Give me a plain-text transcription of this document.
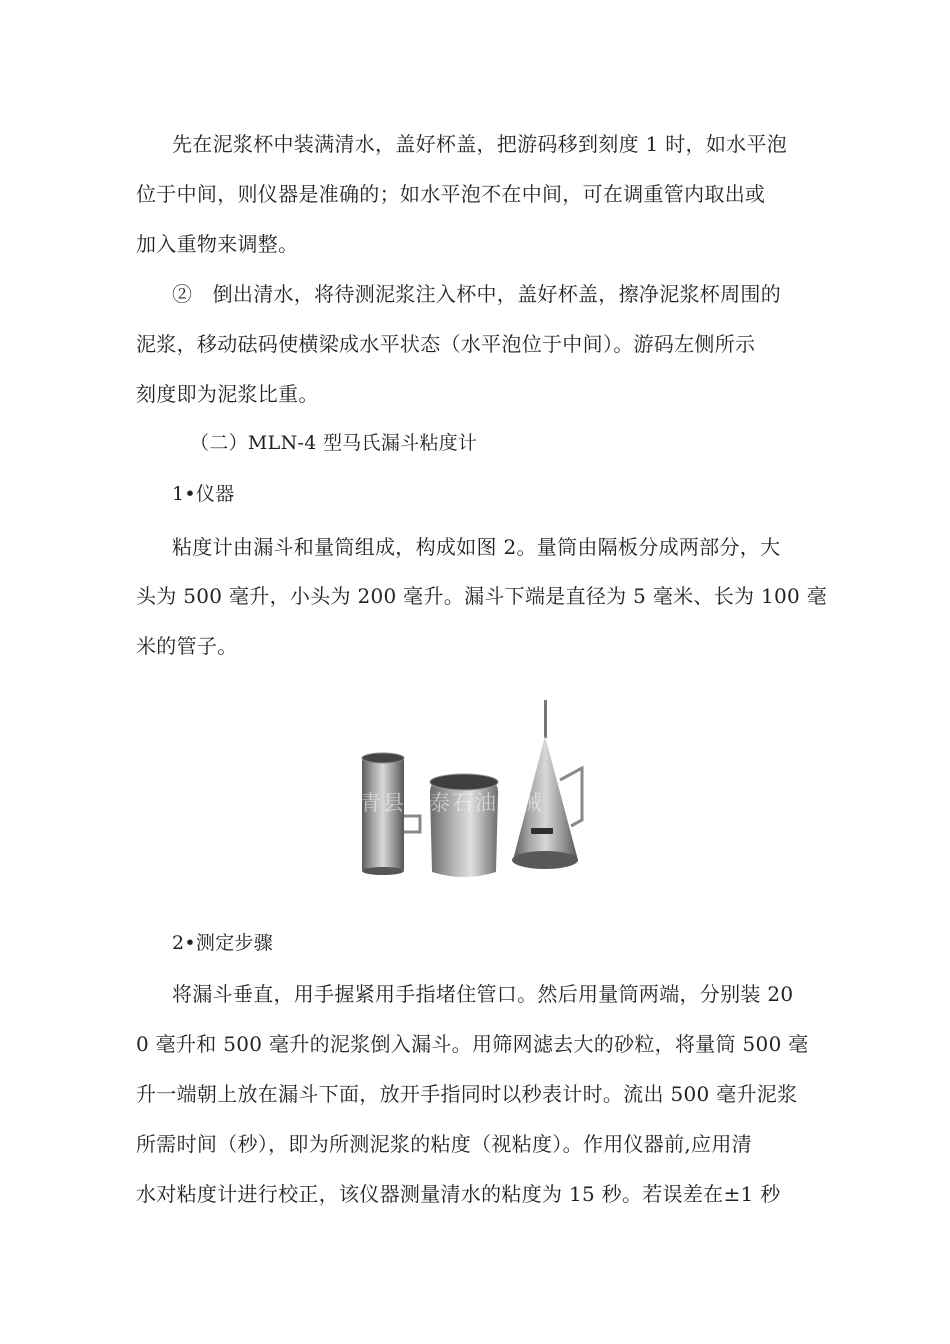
先在泥浆杯中装满清水，盖好杯盖，把游码移到刻度 1 时，如水平泡
位于中间，则仪器是准确的；如水平泡不在中间，可在调重管内取出或
加入重物来调整。
②　倒出清水，将待测泥浆注入杯中，盖好杯盖，擦净泥浆杯周围的
泥浆，移动砝码使横梁成水平状态（水平泡位于中间）。游码左侧所示
刻度即为泥浆比重。
（二）MLN-4 型马氏漏斗粘度计
1•仪器
粘度计由漏斗和量筒组成，构成如图 2。量筒由隔板分成两部分，大
头为 500 毫升，小头为 200 毫升。漏斗下端是直径为 5 毫米、长为 100 毫
米的管子。
青县元泰石油机械
2•测定步骤
将漏斗垂直，用手握紧用手指堵住管口。然后用量筒两端，分别装 20
0 毫升和 500 毫升的泥浆倒入漏斗。用筛网滤去大的砂粒，将量筒 500 毫
升一端朝上放在漏斗下面，放开手指同时以秒表计时。流出 500 毫升泥浆
所需时间（秒），即为所测泥浆的粘度（视粘度）。作用仪器前,应用清
水对粘度计进行校正，该仪器测量清水的粘度为 15 秒。若误差在±1 秒
